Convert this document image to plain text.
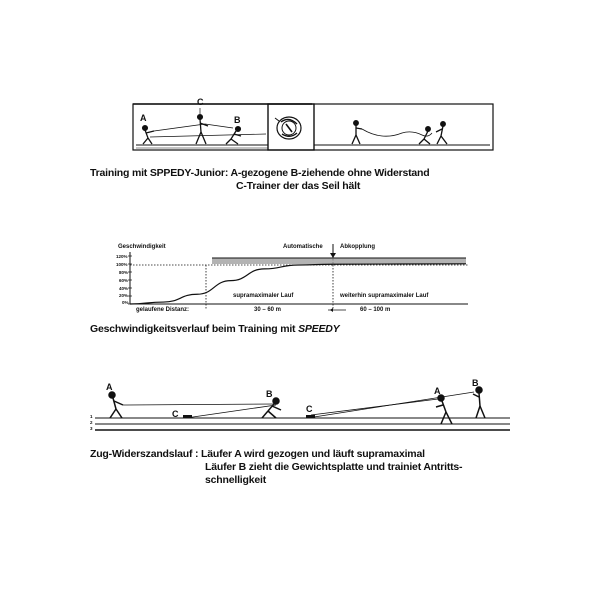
A
C
B
Training mit SPPEDY-Junior: A-gezogene B-ziehende ohne Widerstand
C-Trainer der das Seil hält
Geschwindigkeit	Automatische	Abkopplung
120%
100%
80%
60%
40%
20%
0%
supramaximaler Lauf	weiterhin supramaximaler Lauf
gelaufene Distanz:	30 – 60 m	60 – 100 m
Geschwindigkeitsverlauf beim Training mit SPEEDY
A
C
B
C
A
B
1
2
3
Zug-Widerszandslauf : Läufer A wird gezogen und läuft supramaximal
Läufer B zieht die Gewichtsplatte und trainiet Antritts-
schnelligkeit
